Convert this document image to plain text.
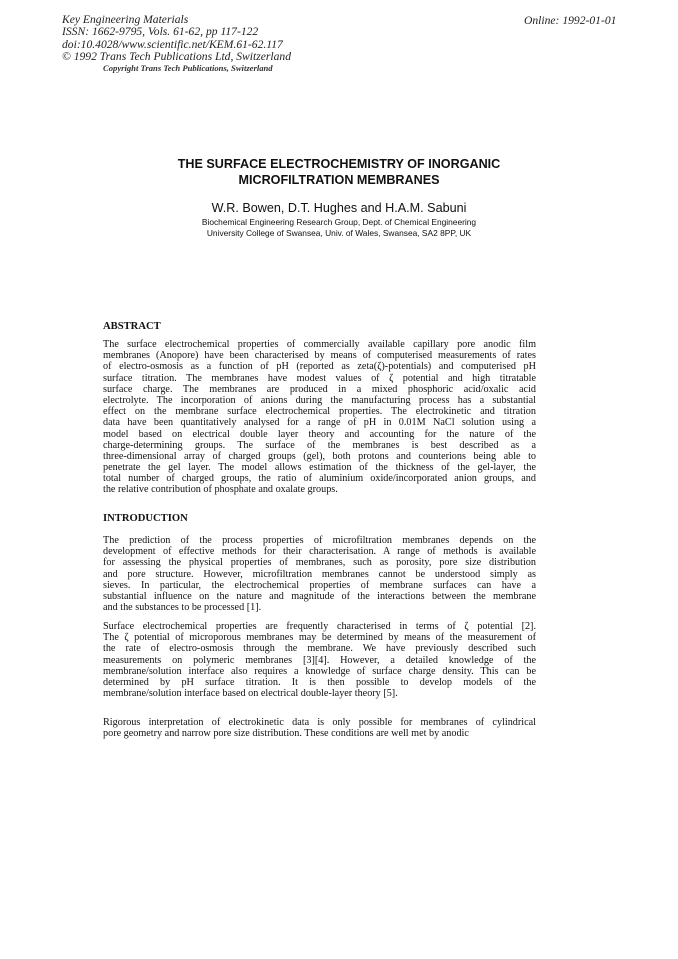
Key Engineering Materials
ISSN: 1662-9795, Vols. 61-62, pp 117-122
doi:10.4028/www.scientific.net/KEM.61-62.117
© 1992 Trans Tech Publications Ltd, Switzerland
Online: 1992-01-01
Copyright Trans Tech Publications, Switzerland
THE SURFACE ELECTROCHEMISTRY OF INORGANIC
MICROFILTRATION MEMBRANES
W.R. Bowen, D.T. Hughes and H.A.M. Sabuni
Biochemical Engineering Research Group, Dept. of Chemical Engineering
University College of Swansea, Univ. of Wales, Swansea, SA2 8PP, UK
ABSTRACT
The surface electrochemical properties of commercially available capillary pore anodic film
membranes (Anopore) have been characterised by means of computerised measurements of rates
of electro-osmosis as a function of pH (reported as zeta(ζ)-potentials) and computerised pH
surface titration. The membranes have modest values of ζ potential and high titratable
surface charge. The membranes are produced in a mixed phosphoric acid/oxalic acid
electrolyte. The incorporation of anions during the manufacturing process has a substantial
effect on the membrane surface electrochemical properties. The electrokinetic and titration
data have been quantitatively analysed for a range of pH in 0.01M NaCl solution using a
model based on electrical double layer theory and accounting for the nature of the
charge-determining groups. The surface of the membranes is best described as a
three-dimensional array of charged groups (gel), both protons and counterions being able to
penetrate the gel layer. The model allows estimation of the thickness of the gel-layer, the
total number of charged groups, the ratio of aluminium oxide/incorporated anion groups, and
the relative contribution of phosphate and oxalate groups.
INTRODUCTION
The prediction of the process properties of microfiltration membranes depends on the
development of effective methods for their characterisation. A range of methods is available
for assessing the physical properties of membranes, such as porosity, pore size distribution
and pore structure. However, microfiltration membranes cannot be understood simply as
sieves. In particular, the electrochemical properties of membrane surfaces can have a
substantial influence on the nature and magnitude of the interactions between the membrane
and the substances to be processed [1].
Surface electrochemical properties are frequently characterised in terms of ζ potential [2].
The ζ potential of microporous membranes may be determined by means of the measurement of
the rate of electro-osmosis through the membrane. We have previously described such
measurements on polymeric membranes [3][4]. However, a detailed knowledge of the
membrane/solution interface also requires a knowledge of surface charge density. This can be
determined by pH surface titration. It is then possible to develop models of the
membrane/solution interface based on electrical double-layer theory [5].
Rigorous interpretation of electrokinetic data is only possible for membranes of cylindrical
pore geometry and narrow pore size distribution. These conditions are well met by anodic
